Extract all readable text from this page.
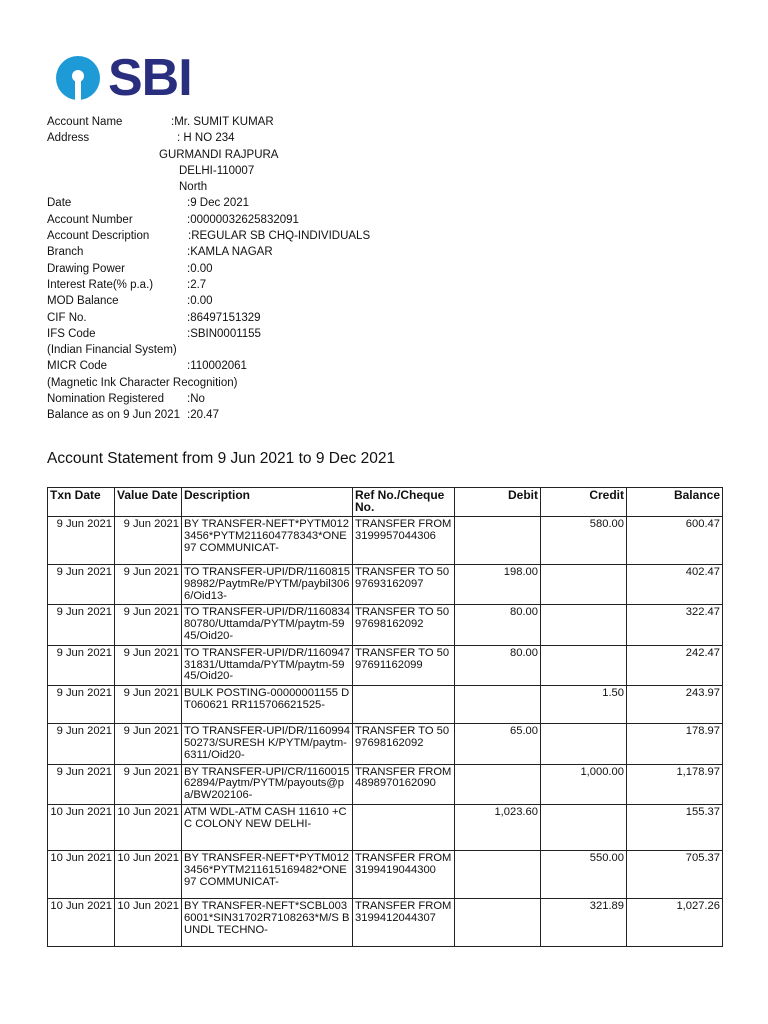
SBI
Account Name	:Mr. SUMIT KUMAR
Address	: H NO 234
GURMANDI RAJPURA
DELHI-110007
North
Date	:9 Dec 2021
Account Number	:00000032625832091
Account Description	:REGULAR SB CHQ-INDIVIDUALS
Branch	:KAMLA NAGAR
Drawing Power	:0.00
Interest Rate(% p.a.)	:2.7
MOD Balance	:0.00
CIF No.	:86497151329
IFS Code	:SBIN0001155
(Indian Financial System)
MICR Code	:110002061
(Magnetic Ink Character Recognition)
Nomination Registered :No
Balance as on 9 Jun 2021 :20.47
Account Statement from 9 Jun 2021 to 9 Dec 2021
Txn Date	Value Date	Description	Ref No./Cheque No.	Debit	Credit	Balance
9 Jun 2021	9 Jun 2021	BY TRANSFER-NEFT*PYTM0123456*PYTM211604778343*ONE97 COMMUNICAT-	TRANSFER FROM 3199957044306		580.00	600.47
9 Jun 2021	9 Jun 2021	TO TRANSFER-UPI/DR/116081598982/PaytmRe/PYTM/paybil3066/Oid13-	TRANSFER TO 5097693162097	198.00		402.47
9 Jun 2021	9 Jun 2021	TO TRANSFER-UPI/DR/116083480780/Uttamda/PYTM/paytm-5945/Oid20-	TRANSFER TO 5097698162092	80.00		322.47
9 Jun 2021	9 Jun 2021	TO TRANSFER-UPI/DR/116094731831/Uttamda/PYTM/paytm-5945/Oid20-	TRANSFER TO 5097691162099	80.00		242.47
9 Jun 2021	9 Jun 2021	BULK POSTING-00000001155 DT060621 RR115706621525-			1.50	243.97
9 Jun 2021	9 Jun 2021	TO TRANSFER-UPI/DR/116099450273/SURESH K/PYTM/paytm-6311/Oid20-	TRANSFER TO 5097698162092	65.00		178.97
9 Jun 2021	9 Jun 2021	BY TRANSFER-UPI/CR/116001562894/Paytm/PYTM/payouts@pa/BW202106-	TRANSFER FROM 4898970162090		1,000.00	1,178.97
10 Jun 2021	10 Jun 2021	ATM WDL-ATM CASH 11610 +CC COLONY NEW DELHI-		1,023.60		155.37
10 Jun 2021	10 Jun 2021	BY TRANSFER-NEFT*PYTM0123456*PYTM211615169482*ONE97 COMMUNICAT-	TRANSFER FROM 3199419044300		550.00	705.37
10 Jun 2021	10 Jun 2021	BY TRANSFER-NEFT*SCBL0036001*SIN31702R7108263*M/S BUNDL TECHNO-	TRANSFER FROM 3199412044307		321.89	1,027.26
